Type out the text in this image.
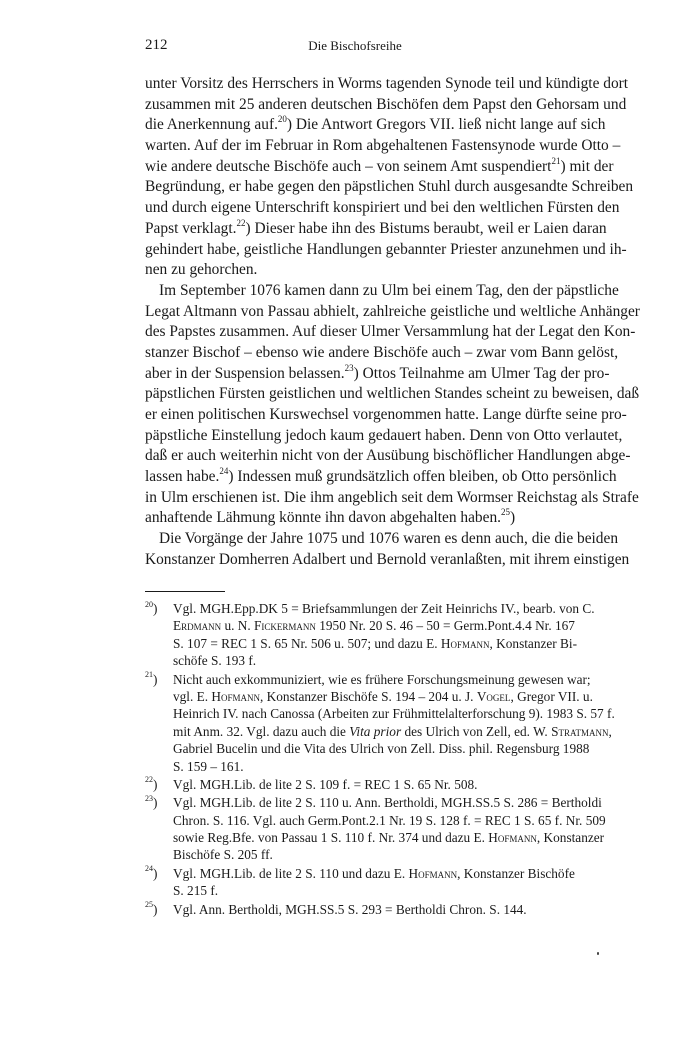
212	Die Bischofsreihe
unter Vorsitz des Herrschers in Worms tagenden Synode teil und kündigte dort
zusammen mit 25 anderen deutschen Bischöfen dem Papst den Gehorsam und
die Anerkennung auf.$^{20}$) Die Antwort Gregors VII. ließ nicht lange auf sich
warten. Auf der im Februar in Rom abgehaltenen Fastensynode wurde Otto –
wie andere deutsche Bischöfe auch – von seinem Amt suspendiert$^{21}$) mit der
Begründung, er habe gegen den päpstlichen Stuhl durch ausgesandte Schreiben
und durch eigene Unterschrift konspiriert und bei den weltlichen Fürsten den
Papst verklagt.$^{22}$) Dieser habe ihn des Bistums beraubt, weil er Laien daran
gehindert habe, geistliche Handlungen gebannter Priester anzunehmen und ih-
nen zu gehorchen.
Im September 1076 kamen dann zu Ulm bei einem Tag, den der päpstliche
Legat Altmann von Passau abhielt, zahlreiche geistliche und weltliche Anhänger
des Papstes zusammen. Auf dieser Ulmer Versammlung hat der Legat den Kon-
stanzer Bischof – ebenso wie andere Bischöfe auch – zwar vom Bann gelöst,
aber in der Suspension belassen.$^{23}$) Ottos Teilnahme am Ulmer Tag der pro-
päpstlichen Fürsten geistlichen und weltlichen Standes scheint zu beweisen, daß
er einen politischen Kurswechsel vorgenommen hatte. Lange dürfte seine pro-
päpstliche Einstellung jedoch kaum gedauert haben. Denn von Otto verlautet,
daß er auch weiterhin nicht von der Ausübung bischöflicher Handlungen abge-
lassen habe.$^{24}$) Indessen muß grundsätzlich offen bleiben, ob Otto persönlich
in Ulm erschienen ist. Die ihm angeblich seit dem Wormser Reichstag als Strafe
anhaftende Lähmung könnte ihn davon abgehalten haben.$^{25}$)
Die Vorgänge der Jahre 1075 und 1076 waren es denn auch, die die beiden
Konstanzer Domherren Adalbert und Bernold veranlaßten, mit ihrem einstigen
$^{20}$) Vgl. MGH.Epp.DK 5 = Briefsammlungen der Zeit Heinrichs IV., bearb. von C.
Erdmann u. N. Fickermann 1950 Nr. 20 S. 46 – 50 = Germ.Pont.4.4 Nr. 167
S. 107 = REC 1 S. 65 Nr. 506 u. 507; und dazu E. Hofmann, Konstanzer Bi-
schöfe S. 193 f.
$^{21}$) Nicht auch exkommuniziert, wie es frühere Forschungsmeinung gewesen war;
vgl. E. Hofmann, Konstanzer Bischöfe S. 194 – 204 u. J. Vogel, Gregor VII. u.
Heinrich IV. nach Canossa (Arbeiten zur Frühmittelalterforschung 9). 1983 S. 57 f.
mit Anm. 32. Vgl. dazu auch die Vita prior des Ulrich von Zell, ed. W. Stratmann,
Gabriel Bucelin und die Vita des Ulrich von Zell. Diss. phil. Regensburg 1988
S. 159 – 161.
$^{22}$) Vgl. MGH.Lib. de lite 2 S. 109 f. = REC 1 S. 65 Nr. 508.
$^{23}$) Vgl. MGH.Lib. de lite 2 S. 110 u. Ann. Bertholdi, MGH.SS.5 S. 286 = Bertholdi
Chron. S. 116. Vgl. auch Germ.Pont.2.1 Nr. 19 S. 128 f. = REC 1 S. 65 f. Nr. 509
sowie Reg.Bfe. von Passau 1 S. 110 f. Nr. 374 und dazu E. Hofmann, Konstanzer
Bischöfe S. 205 ff.
$^{24}$) Vgl. MGH.Lib. de lite 2 S. 110 und dazu E. Hofmann, Konstanzer Bischöfe
S. 215 f.
$^{25}$) Vgl. Ann. Bertholdi, MGH.SS.5 S. 293 = Bertholdi Chron. S. 144.
